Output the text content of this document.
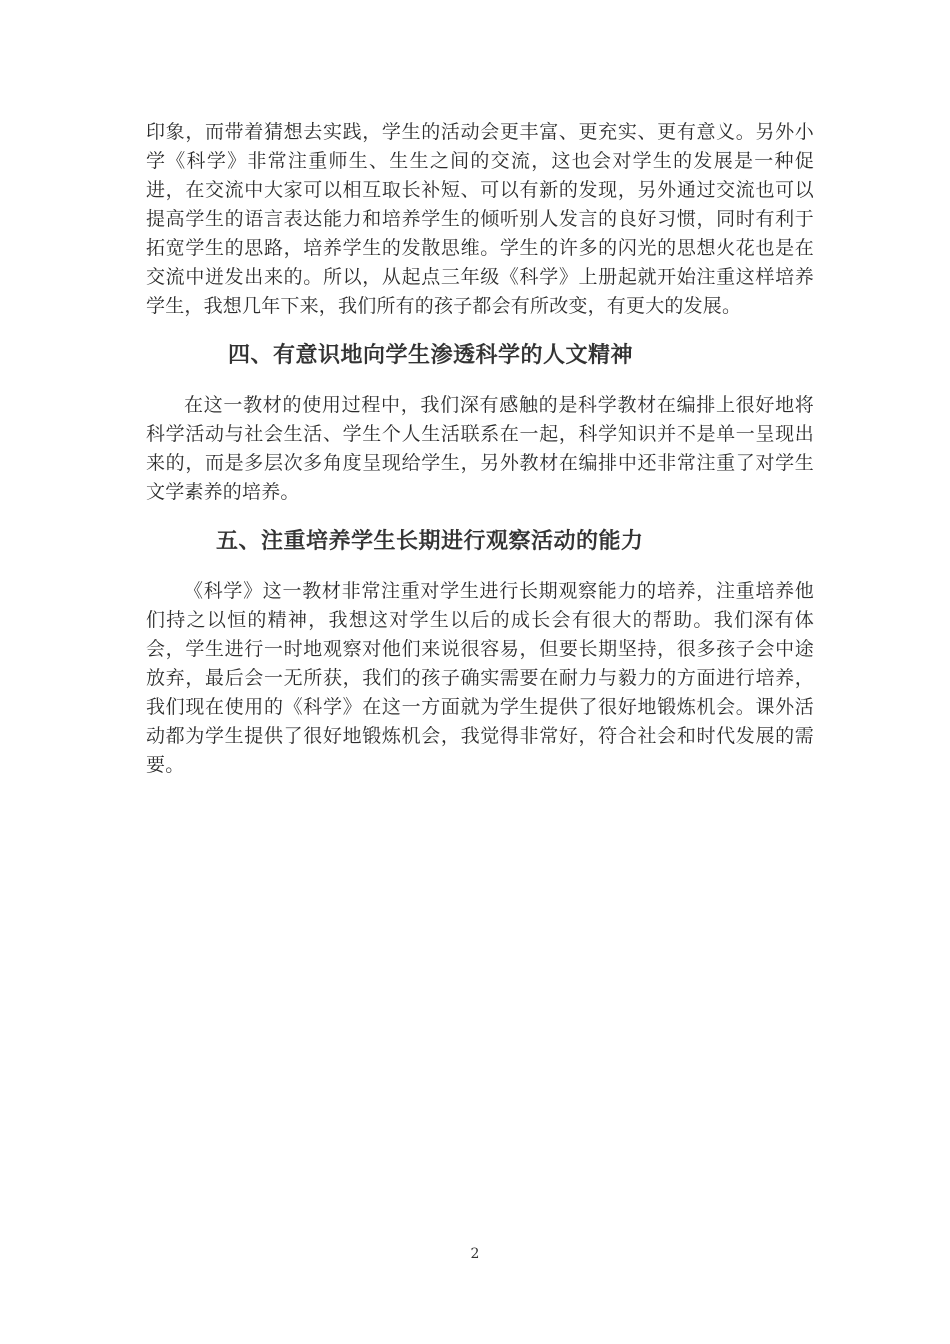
印象，而带着猜想去实践，学生的活动会更丰富、更充实、更有意义。另外小学《科学》非常注重师生、生生之间的交流，这也会对学生的发展是一种促进，在交流中大家可以相互取长补短、可以有新的发现，另外通过交流也可以提高学生的语言表达能力和培养学生的倾听别人发言的良好习惯，同时有利于拓宽学生的思路，培养学生的发散思维。学生的许多的闪光的思想火花也是在交流中迸发出来的。所以，从起点三年级《科学》上册起就开始注重这样培养学生，我想几年下来，我们所有的孩子都会有所改变，有更大的发展。

四、有意识地向学生渗透科学的人文精神

在这一教材的使用过程中，我们深有感触的是科学教材在编排上很好地将科学活动与社会生活、学生个人生活联系在一起，科学知识并不是单一呈现出来的，而是多层次多角度呈现给学生，另外教材在编排中还非常注重了对学生文学素养的培养。

五、注重培养学生长期进行观察活动的能力

《科学》这一教材非常注重对学生进行长期观察能力的培养，注重培养他们持之以恒的精神，我想这对学生以后的成长会有很大的帮助。我们深有体会，学生进行一时地观察对他们来说很容易，但要长期坚持，很多孩子会中途放弃，最后会一无所获，我们的孩子确实需要在耐力与毅力的方面进行培养，我们现在使用的《科学》在这一方面就为学生提供了很好地锻炼机会。课外活动都为学生提供了很好地锻炼机会，我觉得非常好，符合社会和时代发展的需要。

2
